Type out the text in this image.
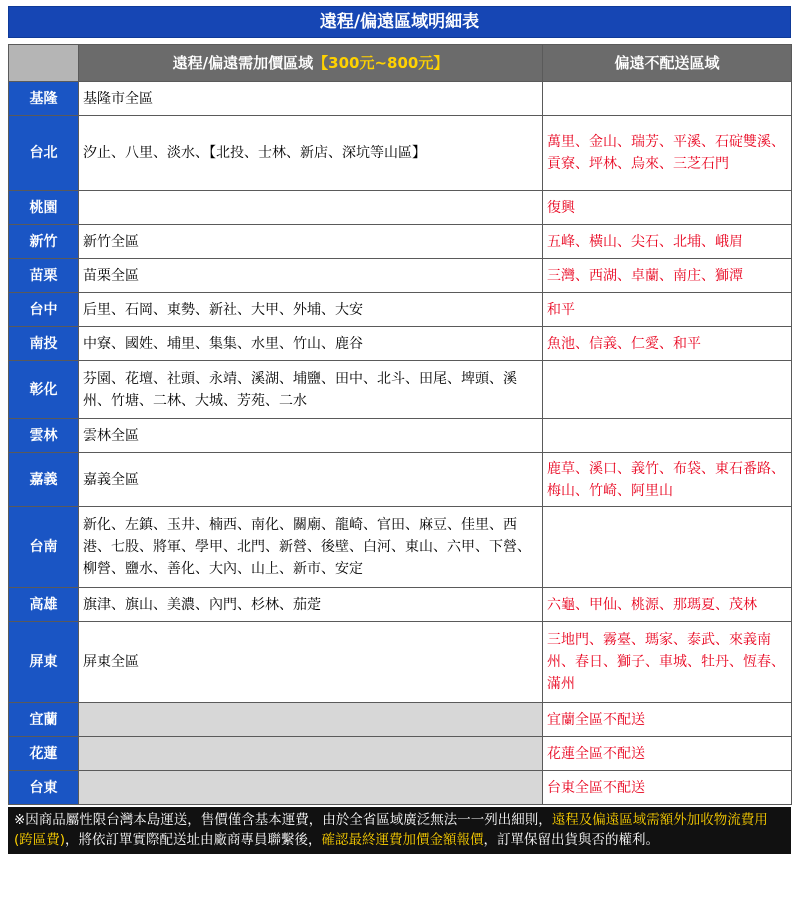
遠程/偏遠區域明細表
	遠程/偏遠需加價區域【300元~800元】	偏遠不配送區域
基隆	基隆市全區	
台北	汐止、八里、淡水、【北投、士林、新店、深坑等山區】	萬里、金山、瑞芳、平溪、石碇雙溪、貢寮、坪林、烏來、三芝石門
桃園		復興
新竹	新竹全區	五峰、橫山、尖石、北埔、峨眉
苗栗	苗栗全區	三灣、西湖、卓蘭、南庄、獅潭
台中	后里、石岡、東勢、新社、大甲、外埔、大安	和平
南投	中寮、國姓、埔里、集集、水里、竹山、鹿谷	魚池、信義、仁愛、和平
彰化	芬園、花壇、社頭、永靖、溪湖、埔鹽、田中、北斗、田尾、埤頭、溪州、竹塘、二林、大城、芳苑、二水	
雲林	雲林全區	
嘉義	嘉義全區	鹿草、溪口、義竹、布袋、東石番路、梅山、竹崎、阿里山
台南	新化、左鎮、玉井、楠西、南化、關廟、龍崎、官田、麻豆、佳里、西港、七股、將軍、學甲、北門、新營、後壁、白河、東山、六甲、下營、柳營、鹽水、善化、大內、山上、新市、安定	
高雄	旗津、旗山、美濃、內門、杉林、茄萣	六龜、甲仙、桃源、那瑪夏、茂林
屏東	屏東全區	三地門、霧臺、瑪家、泰武、來義南州、春日、獅子、車城、牡丹、恆春、滿州
宜蘭		宜蘭全區不配送
花蓮		花蓮全區不配送
台東		台東全區不配送
※因商品屬性限台灣本島運送，售價僅含基本運費，由於全省區域廣泛無法一一列出細則，遠程及偏遠區域需額外加收物流費用(跨區費)，將依訂單實際配送址由廠商專員聯繫後，確認最終運費加價金額報價，訂單保留出貨與否的權利。
